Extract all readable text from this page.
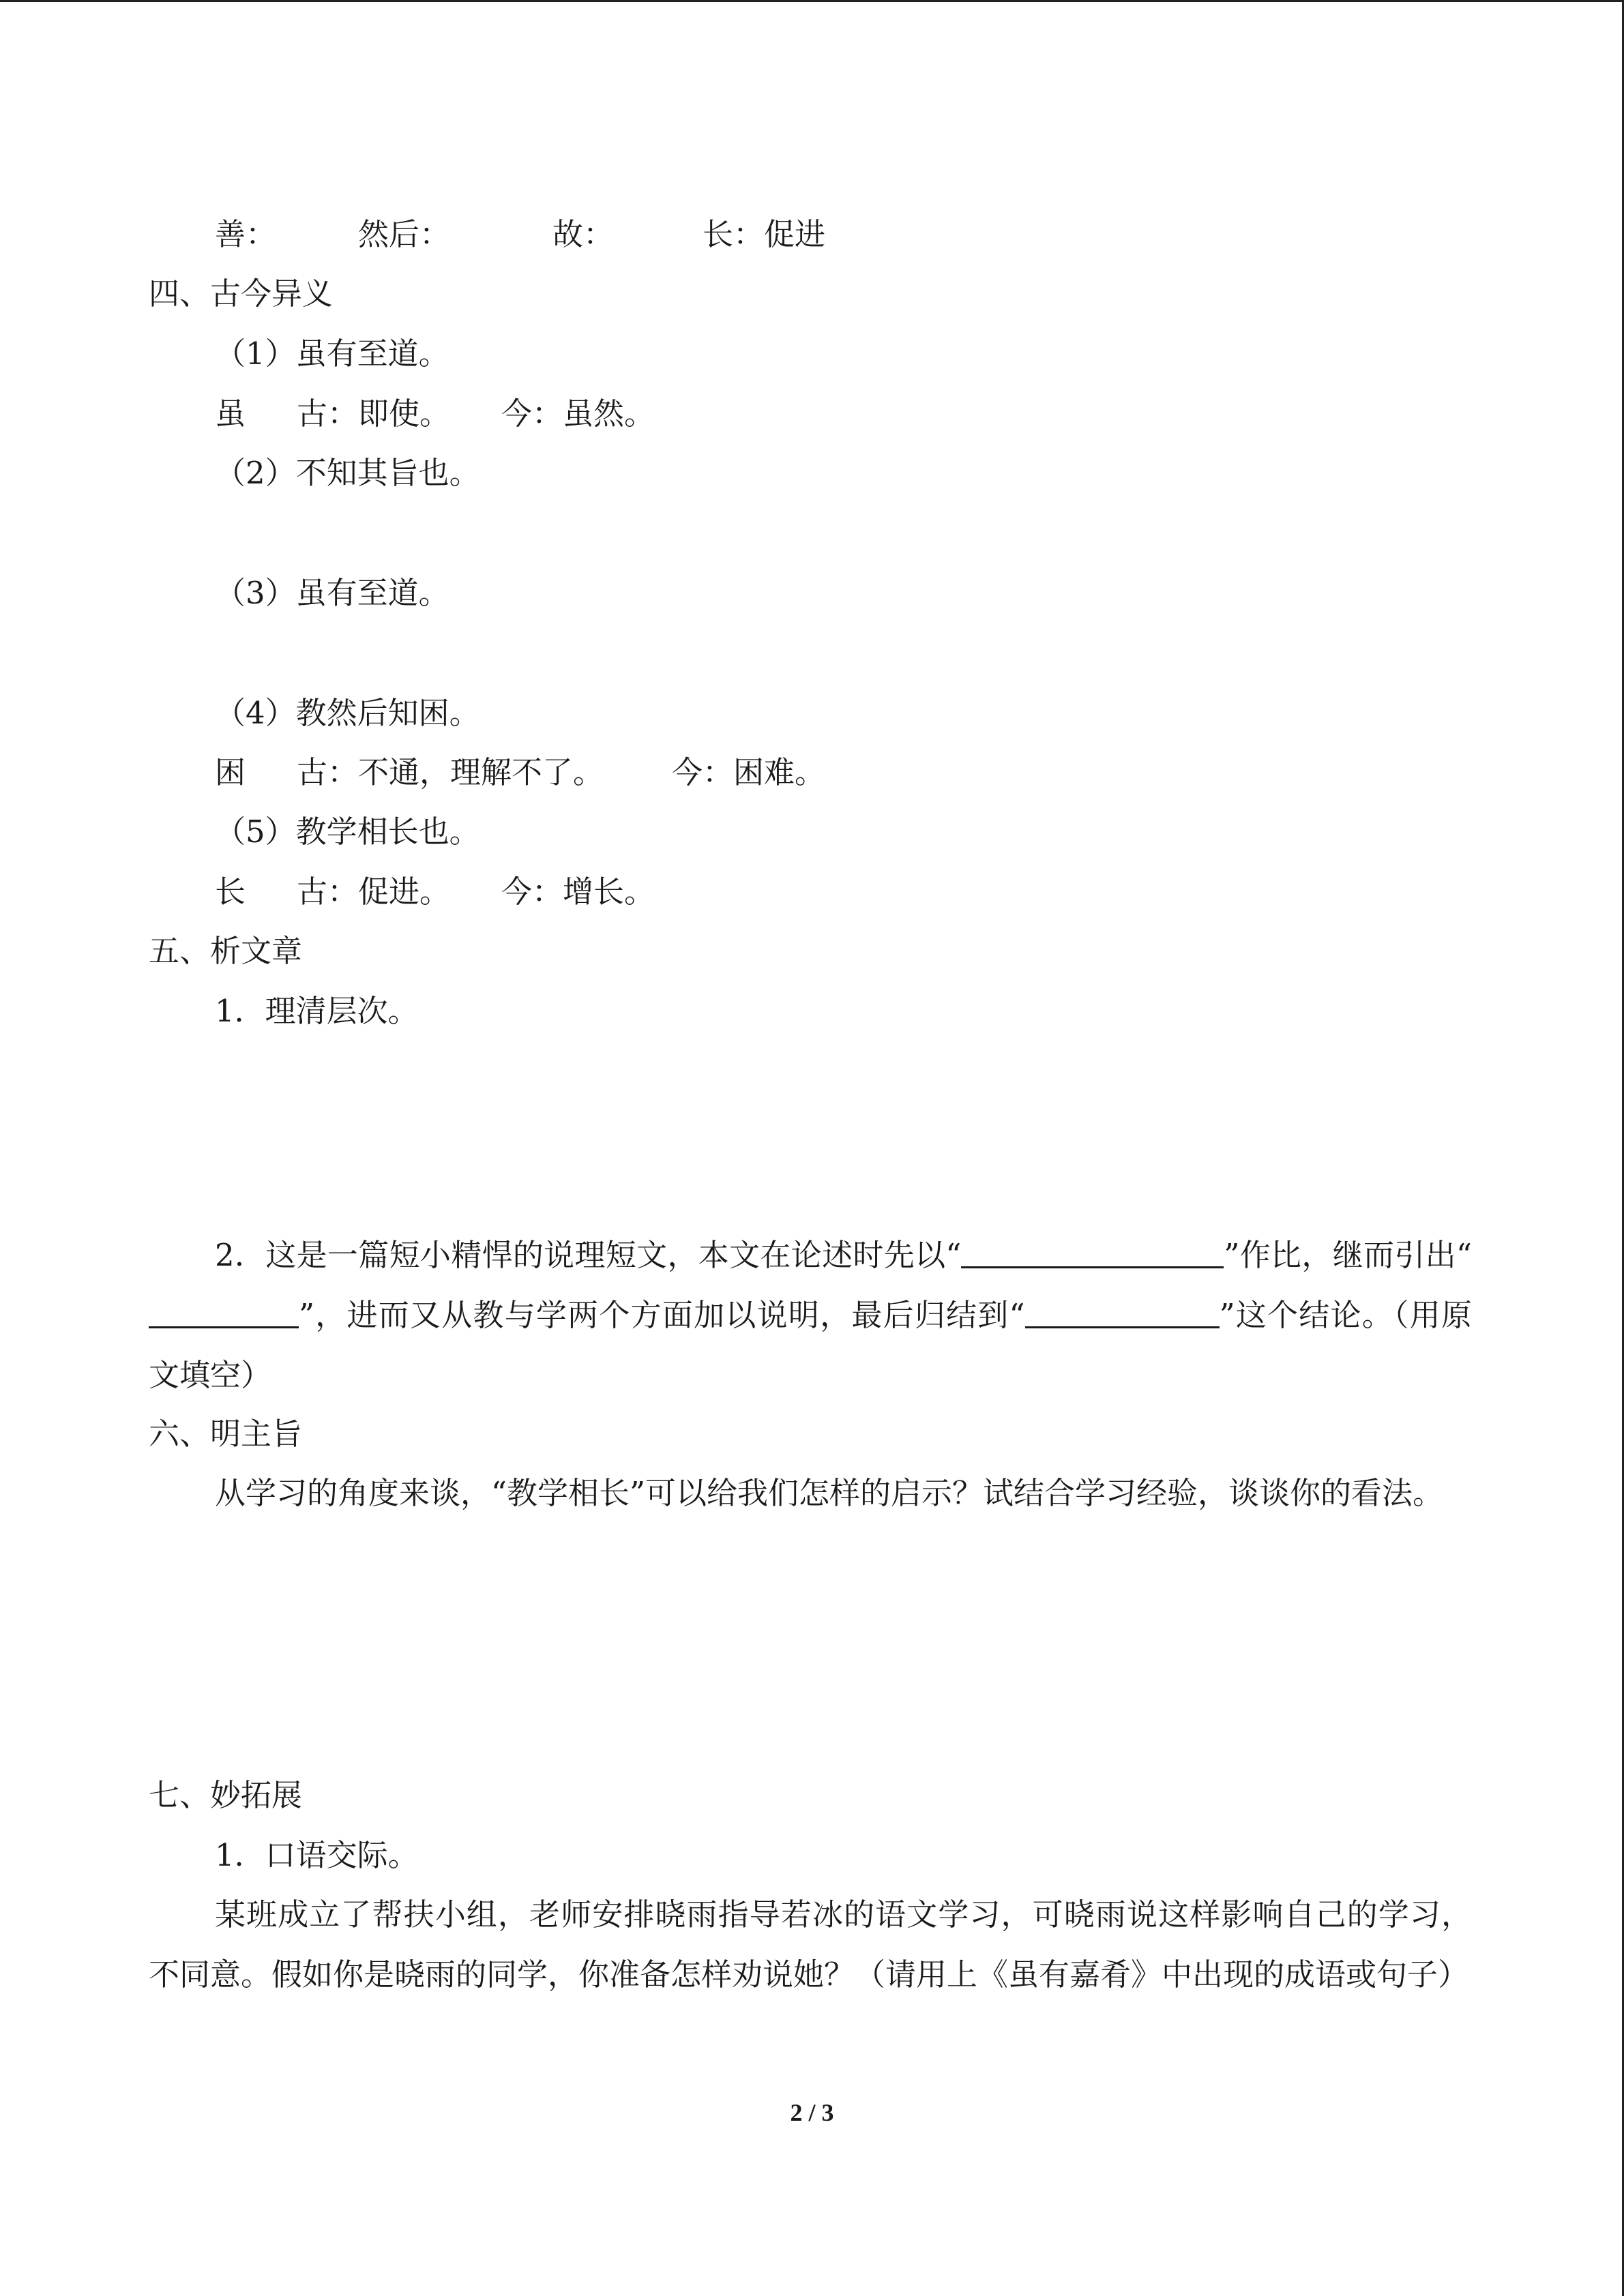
善：	然后：	故：	长：促进

四、古今异义

（1）虽有至道。

虽 古：即使。 今：虽然。

（2）不知其旨也。

（3）虽有至道。

（4）教然后知困。

困 古：不通，理解不了。 今：困难。

（5）教学相长也。

长 古：促进。 今：增长。

五、析文章

1．理清层次。

2．这是一篇短小精悍的说理短文，本文在论述时先以“	”作比，继而引出“”，进而又从教与学两个方面加以说明，最后归结到“	”这个结论。（用原文填空）

六、明主旨

从学习的角度来谈，“教学相长”可以给我们怎样的启示？试结合学习经验，谈谈你的看法。

七、妙拓展

1．口语交际。

某班成立了帮扶小组，老师安排晓雨指导若冰的语文学习，可晓雨说这样影响自己的学习，不同意。假如你是晓雨的同学，你准备怎样劝说她？（请用上《虽有嘉肴》中出现的成语或句子）

2 / 3
